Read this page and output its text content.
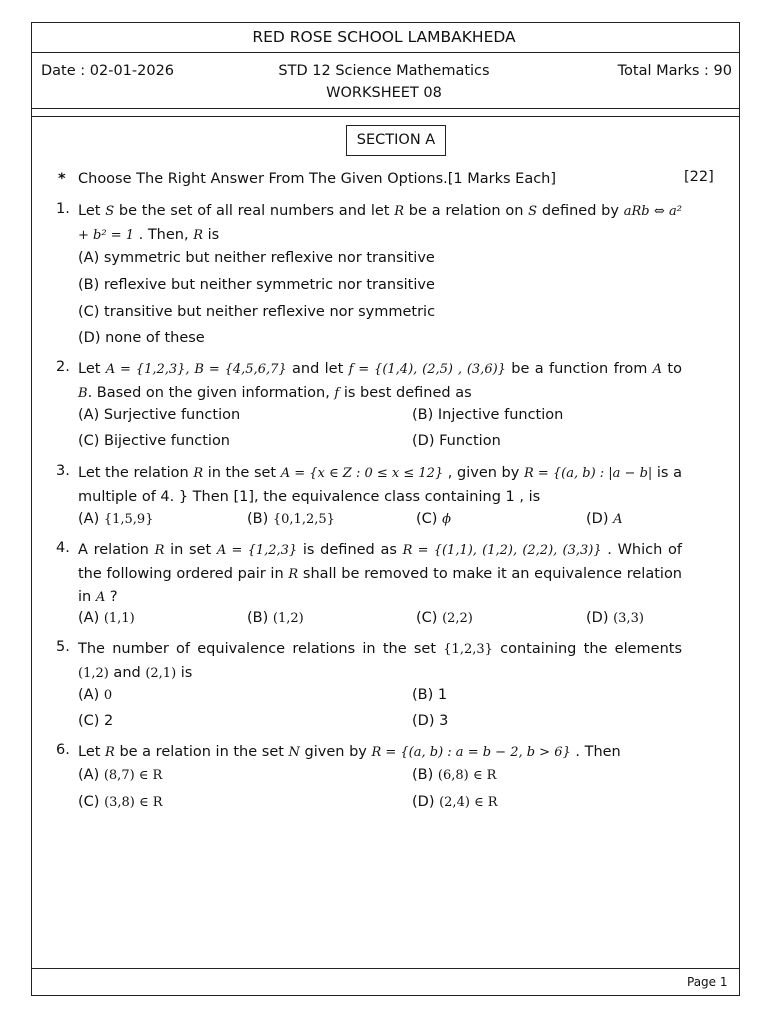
RED ROSE SCHOOL LAMBAKHEDA
Date : 02-01-2026	STD 12 Science Mathematics	Total Marks : 90
WORKSHEET 08
SECTION A
* Choose The Right Answer From The Given Options.[1 Marks Each]	[22]
1. Let S be the set of all real numbers and let R be a relation on S defined by aRb ⇔ a² + b² = 1 . Then, R is
(A) symmetric but neither reflexive nor transitive
(B) reflexive but neither symmetric nor transitive
(C) transitive but neither reflexive nor symmetric
(D) none of these
2. Let A = {1,2,3}, B = {4,5,6,7} and let f = {(1,4), (2,5) , (3,6)} be a function from A to B. Based on the given information, f is best defined as
(A) Surjective function	(B) Injective function
(C) Bijective function	(D) Function
3. Let the relation R in the set A = {x ∈ Z : 0 ≤ x ≤ 12} , given by R = {(a, b) : |a − b| is a multiple of 4. } Then [1], the equivalence class containing 1 , is
(A) {1,5,9}	(B) {0,1,2,5}	(C) ϕ	(D) A
4. A relation R in set A = {1,2,3} is defined as R = {(1,1), (1,2), (2,2), (3,3)} . Which of the following ordered pair in R shall be removed to make it an equivalence relation in A ?
(A) (1,1)	(B) (1,2)	(C) (2,2)	(D) (3,3)
5. The number of equivalence relations in the set {1,2,3} containing the elements (1,2) and (2,1) is
(A) 0	(B) 1
(C) 2	(D) 3
6. Let R be a relation in the set N given by R = {(a, b) : a = b − 2, b > 6} . Then
(A) (8,7) ∈ R	(B) (6,8) ∈ R
(C) (3,8) ∈ R	(D) (2,4) ∈ R
Page 1
